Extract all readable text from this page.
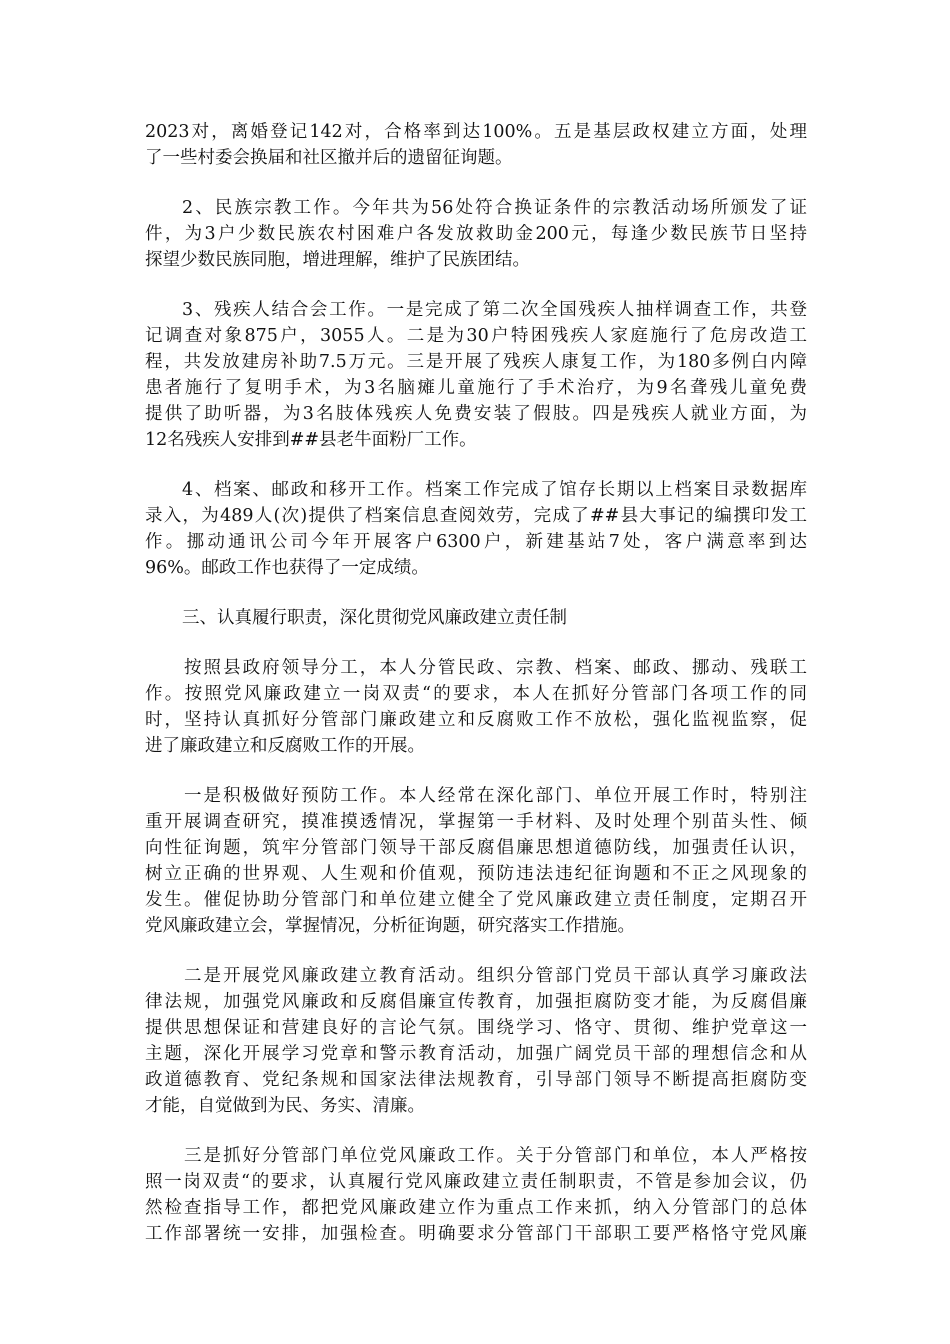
2023对，离婚登记142对，合格率到达100%。五是基层政权建立方面，处理
了一些村委会换届和社区撤并后的遗留征询题。
2、民族宗教工作。今年共为56处符合换证条件的宗教活动场所颁发了证
件，为3户少数民族农村困难户各发放救助金200元，每逢少数民族节日坚持
探望少数民族同胞，增进理解，维护了民族团结。
3、残疾人结合会工作。一是完成了第二次全国残疾人抽样调查工作，共登
记调查对象875户，3055人。二是为30户特困残疾人家庭施行了危房改造工
程，共发放建房补助7.5万元。三是开展了残疾人康复工作，为180多例白内障
患者施行了复明手术，为3名脑瘫儿童施行了手术治疗，为9名聋残儿童免费
提供了助听器，为3名肢体残疾人免费安装了假肢。四是残疾人就业方面，为
12名残疾人安排到##县老牛面粉厂工作。
4、档案、邮政和移开工作。档案工作完成了馆存长期以上档案目录数据库
录入，为489人(次)提供了档案信息查阅效劳，完成了##县大事记的编撰印发工
作。挪动通讯公司今年开展客户6300户，新建基站7处，客户满意率到达
96%。邮政工作也获得了一定成绩。
三、认真履行职责，深化贯彻党风廉政建立责任制
按照县政府领导分工，本人分管民政、宗教、档案、邮政、挪动、残联工
作。按照党风廉政建立一岗双责“的要求，本人在抓好分管部门各项工作的同
时，坚持认真抓好分管部门廉政建立和反腐败工作不放松，强化监视监察，促
进了廉政建立和反腐败工作的开展。
一是积极做好预防工作。本人经常在深化部门、单位开展工作时，特别注
重开展调查研究，摸准摸透情况，掌握第一手材料、及时处理个别苗头性、倾
向性征询题，筑牢分管部门领导干部反腐倡廉思想道德防线，加强责任认识，
树立正确的世界观、人生观和价值观，预防违法违纪征询题和不正之风现象的
发生。催促协助分管部门和单位建立健全了党风廉政建立责任制度，定期召开
党风廉政建立会，掌握情况，分析征询题，研究落实工作措施。
二是开展党风廉政建立教育活动。组织分管部门党员干部认真学习廉政法
律法规，加强党风廉政和反腐倡廉宣传教育，加强拒腐防变才能，为反腐倡廉
提供思想保证和营建良好的言论气氛。围绕学习、恪守、贯彻、维护党章这一
主题，深化开展学习党章和警示教育活动，加强广阔党员干部的理想信念和从
政道德教育、党纪条规和国家法律法规教育，引导部门领导不断提高拒腐防变
才能，自觉做到为民、务实、清廉。
三是抓好分管部门单位党风廉政工作。关于分管部门和单位，本人严格按
照一岗双责“的要求，认真履行党风廉政建立责任制职责，不管是参加会议，仍
然检查指导工作，都把党风廉政建立作为重点工作来抓，纳入分管部门的总体
工作部署统一安排，加强检查。明确要求分管部门干部职工要严格恪守党风廉
